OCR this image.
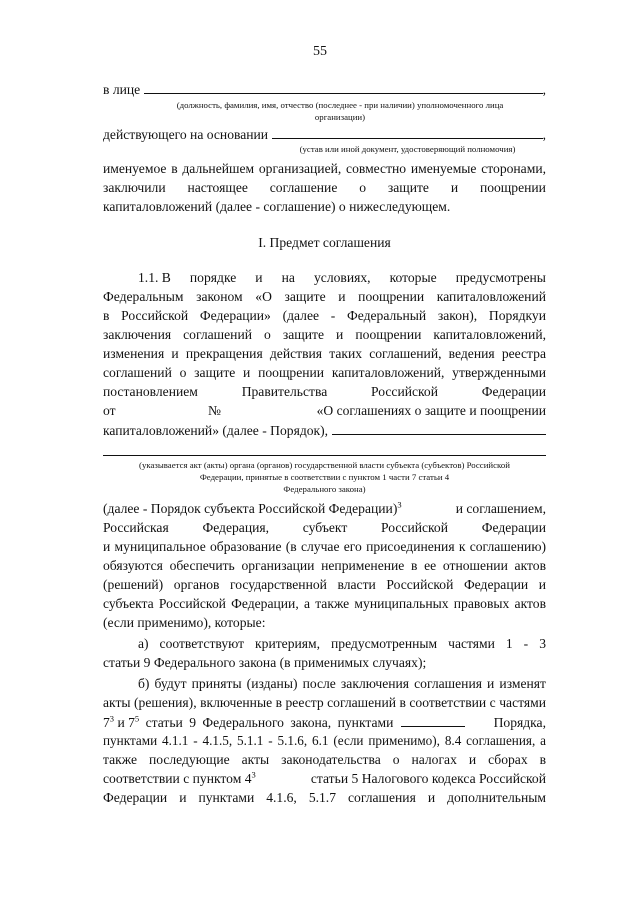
55
в лице	,
(должность, фамилия, имя, отчество (последнее - при наличии) уполномоченного лица
организации)
действующего на основании	,
(устав или иной документ, удостоверяющий полномочия)
именуемое в дальнейшем организацией, совместно именуемые сторонами,
заключили настоящее соглашение о защите и поощрении
капиталовложений (далее - соглашение) о нижеследующем.
I. Предмет соглашения
1.1. В порядке и на условиях, которые предусмотрены
Федеральным законом «О защите и поощрении капиталовложений
в Российской Федерации» (далее - Федеральный закон), Порядкуи
заключения соглашений о защите и поощрении капиталовложений,
изменения и прекращения действия таких соглашений, ведения реестра
соглашений о защите и поощрении капиталовложений, утвержденными
постановлением	Правительства	Российской	Федерации
от	№	«О соглашениях о защите и поощрении
капиталовложений» (далее - Порядок),
(указывается акт (акты) органа (органов) государственной власти субъекта (субъектов) Российской
Федерации, принятые в соответствии с пунктом 1 части 7 статьи 4
Федерального закона)
(далее - Порядок субъекта Российской Федерации)$^3$	и соглашением,
Российская Федерация, субъект Российской Федерации
и муниципальное образование (в случае его присоединения к соглашению)
обязуются обеспечить организации неприменение в ее отношении актов
(решений) органов государственной власти Российской Федерации и
субъекта Российской Федерации, а также муниципальных правовых актов
(если применимо), которые:
а) соответствуют критериям, предусмотренным частями 1 - 3
статьи 9 Федерального закона (в применимых случаях);
б) будут приняты (изданы) после заключения соглашения и изменят
акты (решения), включенные в реестр соглашений в соответствии с частями
$7^3$ и $7^5$ статьи 9 Федерального закона, пунктами	Порядка,
пунктами 4.1.1 - 4.1.5, 5.1.1 - 5.1.6, 6.1 (если применимо), 8.4 соглашения, а
также последующие акты законодательства о налогах и сборах в
соответствии с пунктом $4^3$	статьи 5 Налогового кодекса Российской
Федерации и пунктами 4.1.6, 5.1.7 соглашения и дополнительным
